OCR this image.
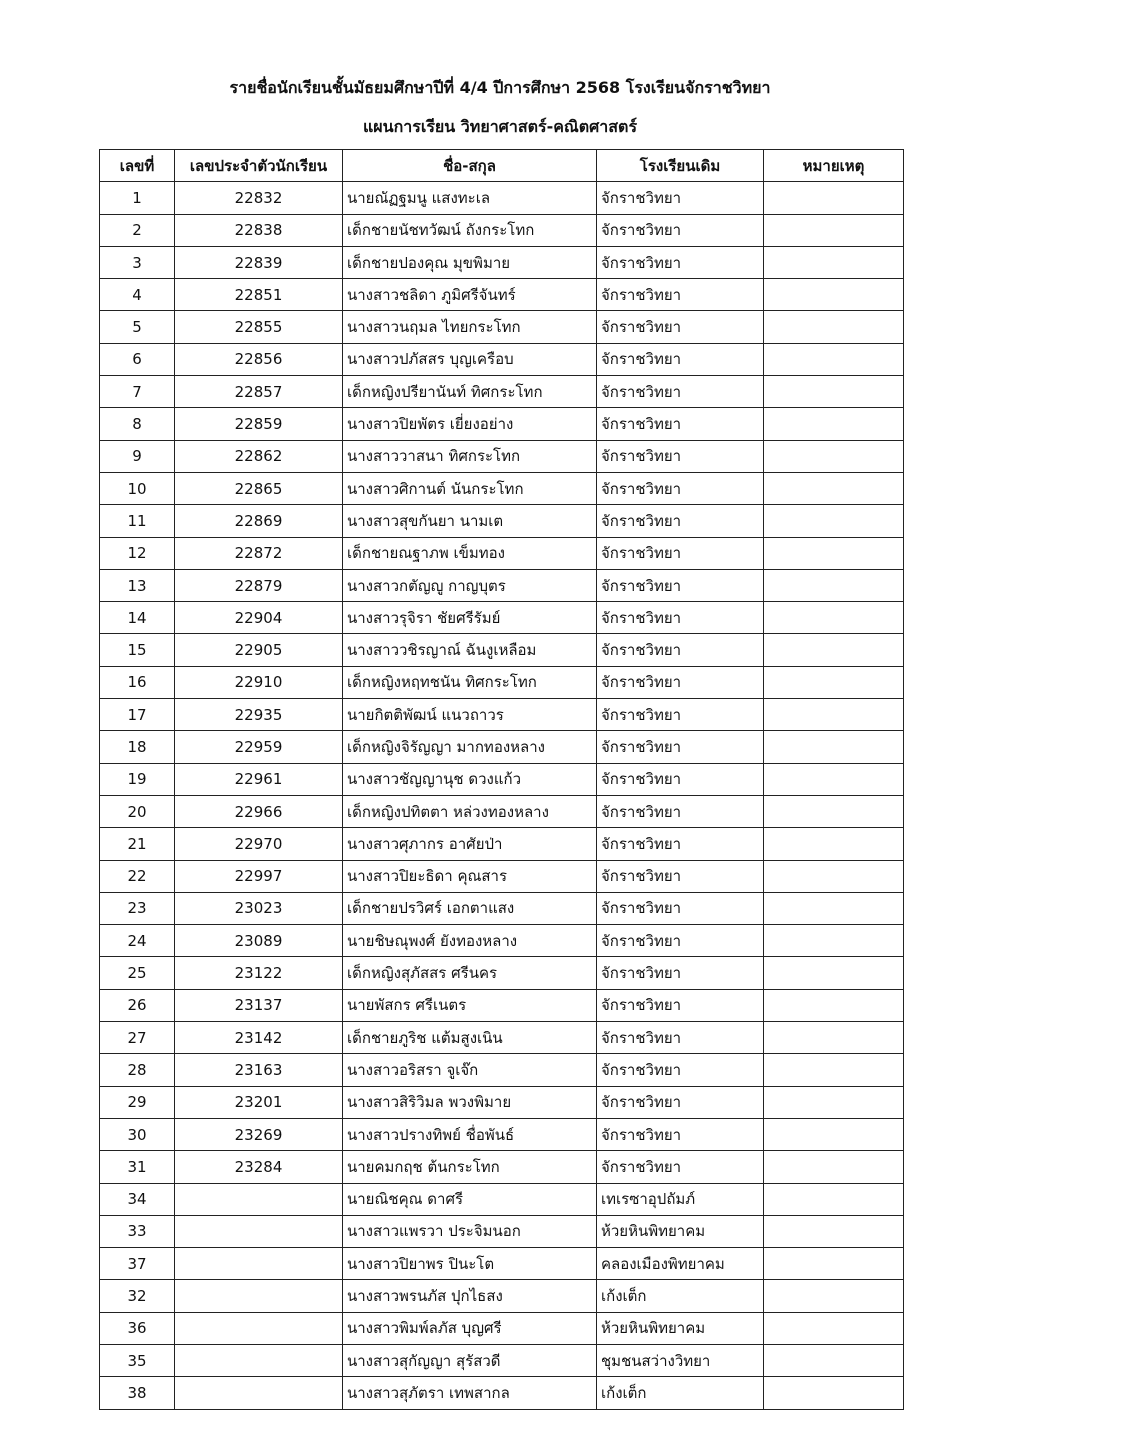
รายชื่อนักเรียนชั้นมัธยมศึกษาปีที่ 4/4 ปีการศึกษา 2568 โรงเรียนจักราชวิทยา
แผนการเรียน วิทยาศาสตร์-คณิตศาสตร์
เลขที่	เลขประจำตัวนักเรียน	ชื่อ-สกุล	โรงเรียนเดิม	หมายเหตุ
1	22832	นายณัฏฐมนู แสงทะเล	จักราชวิทยา	
2	22838	เด็กชายนัชทวัฒน์ ถังกระโทก	จักราชวิทยา	
3	22839	เด็กชายปองคุณ มุขพิมาย	จักราชวิทยา	
4	22851	นางสาวชลิดา ภูมิศรีจันทร์	จักราชวิทยา	
5	22855	นางสาวนฤมล ไทยกระโทก	จักราชวิทยา	
6	22856	นางสาวปภัสสร บุญเครือบ	จักราชวิทยา	
7	22857	เด็กหญิงปรียานันท์ ทิศกระโทก	จักราชวิทยา	
8	22859	นางสาวปิยพัตร เยี่ยงอย่าง	จักราชวิทยา	
9	22862	นางสาววาสนา ทิศกระโทก	จักราชวิทยา	
10	22865	นางสาวศิกานต์ นันกระโทก	จักราชวิทยา	
11	22869	นางสาวสุขกันยา นามเต	จักราชวิทยา	
12	22872	เด็กชายณฐาภพ เข็มทอง	จักราชวิทยา	
13	22879	นางสาวกตัญญู กาญบุตร	จักราชวิทยา	
14	22904	นางสาวรุจิรา ชัยศรีรัมย์	จักราชวิทยา	
15	22905	นางสาววชิรญาณ์ ฉันงูเหลือม	จักราชวิทยา	
16	22910	เด็กหญิงหฤทชนัน ทิศกระโทก	จักราชวิทยา	
17	22935	นายกิตติพัฒน์ แนวถาวร	จักราชวิทยา	
18	22959	เด็กหญิงจิรัญญา มากทองหลาง	จักราชวิทยา	
19	22961	นางสาวชัญญานุช ดวงแก้ว	จักราชวิทยา	
20	22966	เด็กหญิงปทิตตา หล่วงทองหลาง	จักราชวิทยา	
21	22970	นางสาวศุภากร อาศัยป่า	จักราชวิทยา	
22	22997	นางสาวปิยะธิดา คุณสาร	จักราชวิทยา	
23	23023	เด็กชายปรวิศร์ เอกตาแสง	จักราชวิทยา	
24	23089	นายชิษณุพงศ์ ยังทองหลาง	จักราชวิทยา	
25	23122	เด็กหญิงสุภัสสร ศรีนคร	จักราชวิทยา	
26	23137	นายพัสกร ศรีเนตร	จักราชวิทยา	
27	23142	เด็กชายภูริช แต้มสูงเนิน	จักราชวิทยา	
28	23163	นางสาวอริสรา จูเจ๊ก	จักราชวิทยา	
29	23201	นางสาวสิริวิมล พวงพิมาย	จักราชวิทยา	
30	23269	นางสาวปรางทิพย์ ชื่อพันธ์	จักราชวิทยา	
31	23284	นายคมกฤช ต้นกระโทก	จักราชวิทยา	
34		นายณิชคุณ ดาศรี	เทเรซาอุปถัมภ์	
33		นางสาวแพรวา ประจิมนอก	ห้วยหินพิทยาคม	
37		นางสาวปิยาพร ปินะโต	คลองเมืองพิทยาคม	
32		นางสาวพรนภัส ปุกไธสง	เก้งเต็ก	
36		นางสาวพิมพ์ลภัส บุญศรี	ห้วยหินพิทยาคม	
35		นางสาวสุกัญญา สุรัสวดี	ชุมชนสว่างวิทยา	
38		นางสาวสุภัตรา เทพสากล	เก้งเต็ก	
